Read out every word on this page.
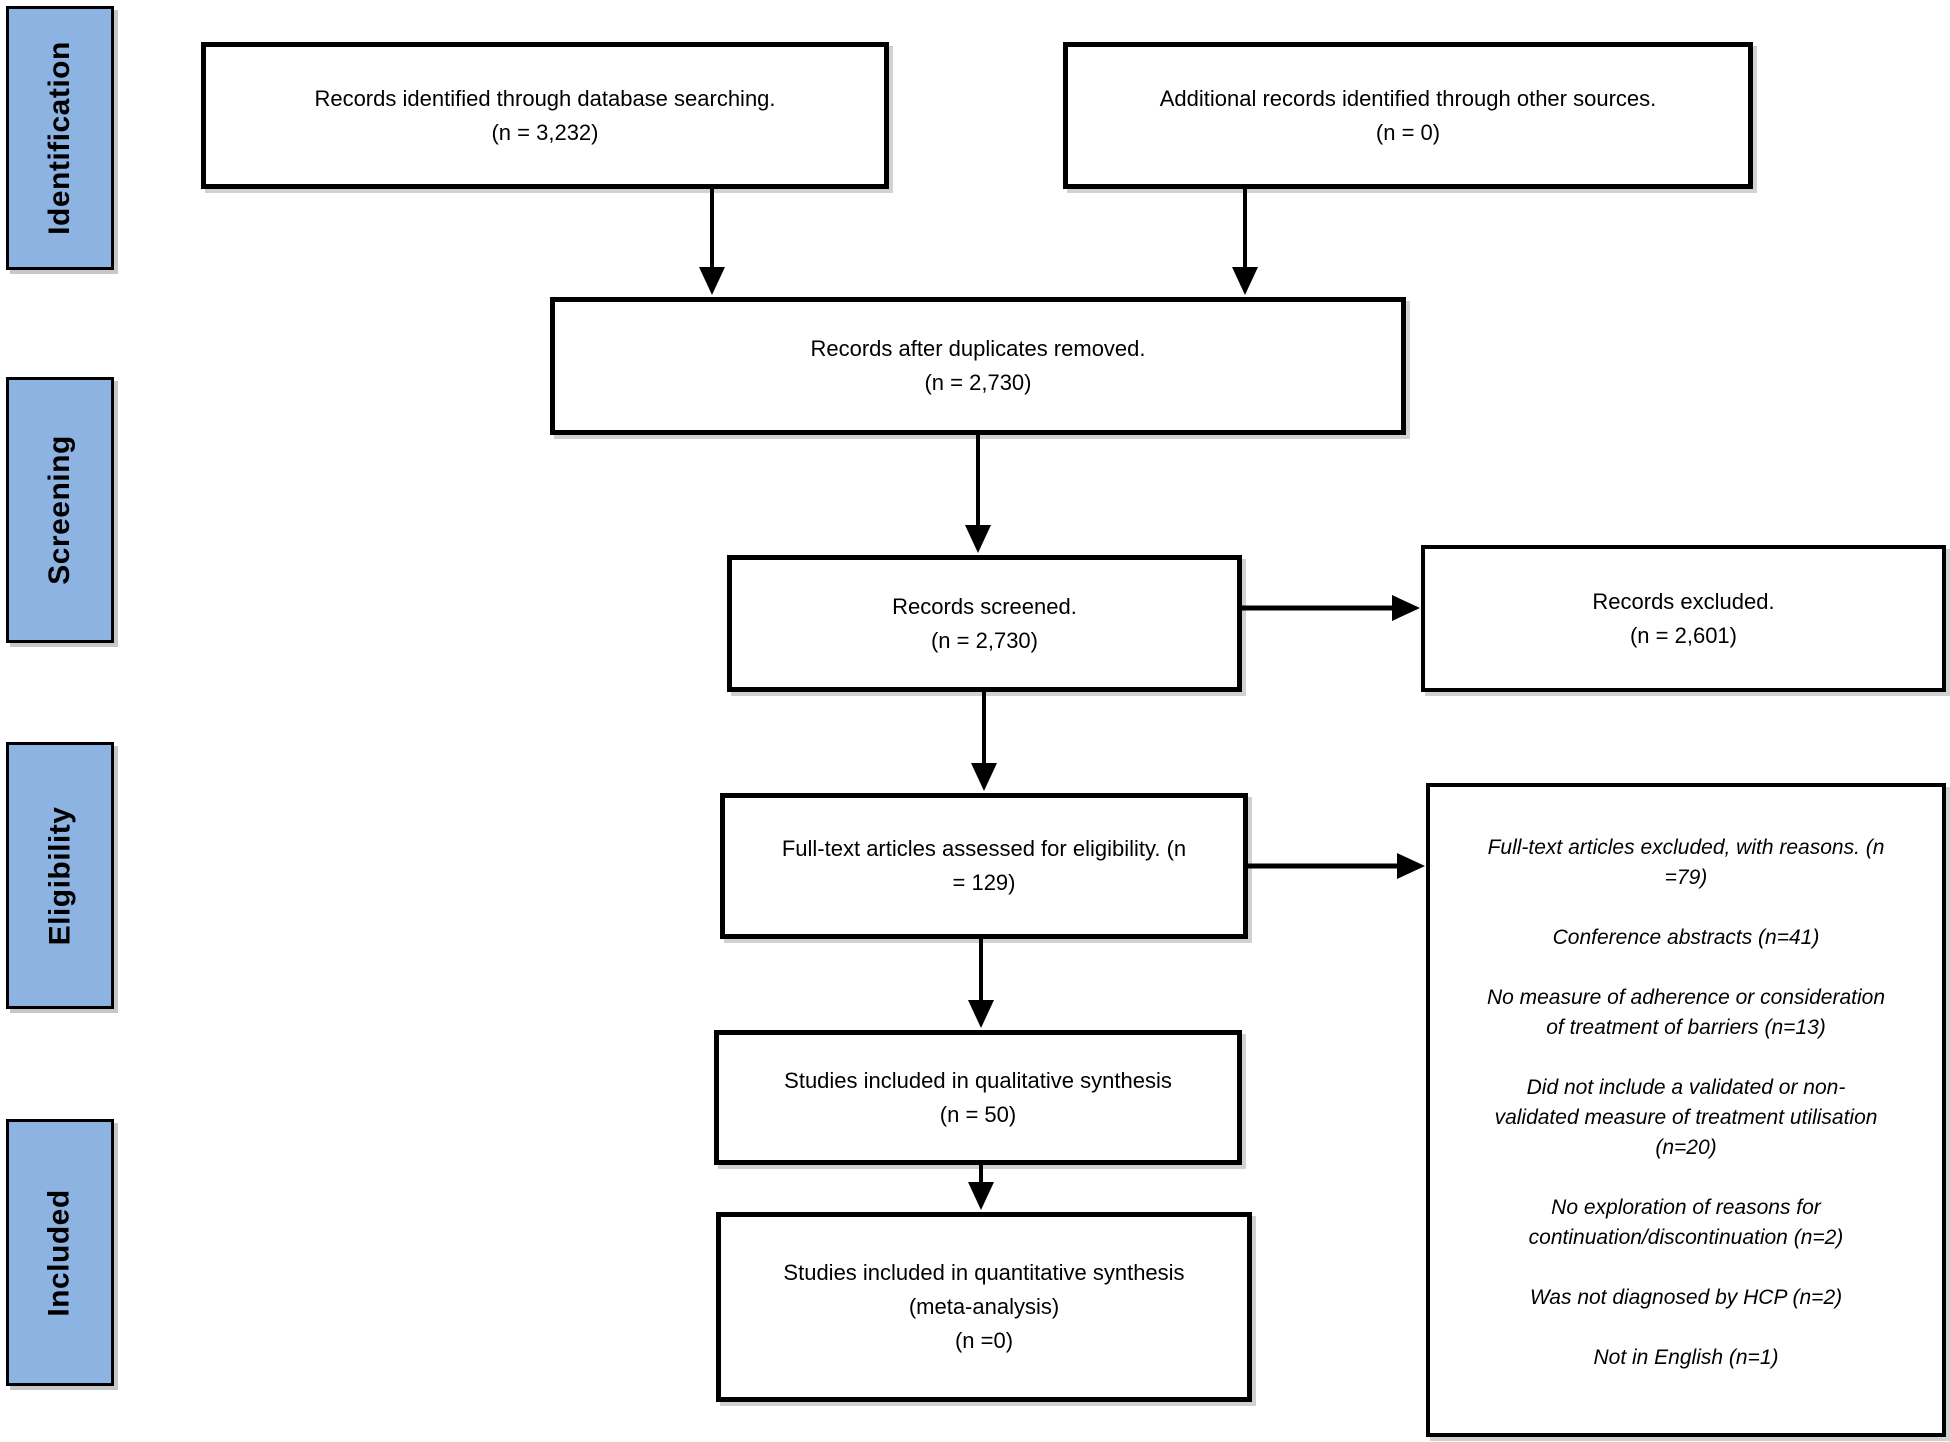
Identification
Screening
Eligibility
Included
Records identified through database searching.
(n = 3,232)
Additional records identified through other sources.
(n = 0)
Records after duplicates removed.
(n = 2,730)
Records screened.
(n = 2,730)
Records excluded.
(n = 2,601)
Full-text articles assessed for eligibility. (n
= 129)
Full-text articles excluded, with reasons. (n
=79)
Conference abstracts (n=41)
No measure of adherence or consideration
of treatment of barriers (n=13)
Did not include a validated or non-
validated measure of treatment utilisation
(n=20)
No exploration of reasons for
continuation/discontinuation (n=2)
Was not diagnosed by HCP (n=2)
Not in English (n=1)
Studies included in qualitative synthesis
(n = 50)
Studies included in quantitative synthesis
(meta-analysis)
(n =0)
